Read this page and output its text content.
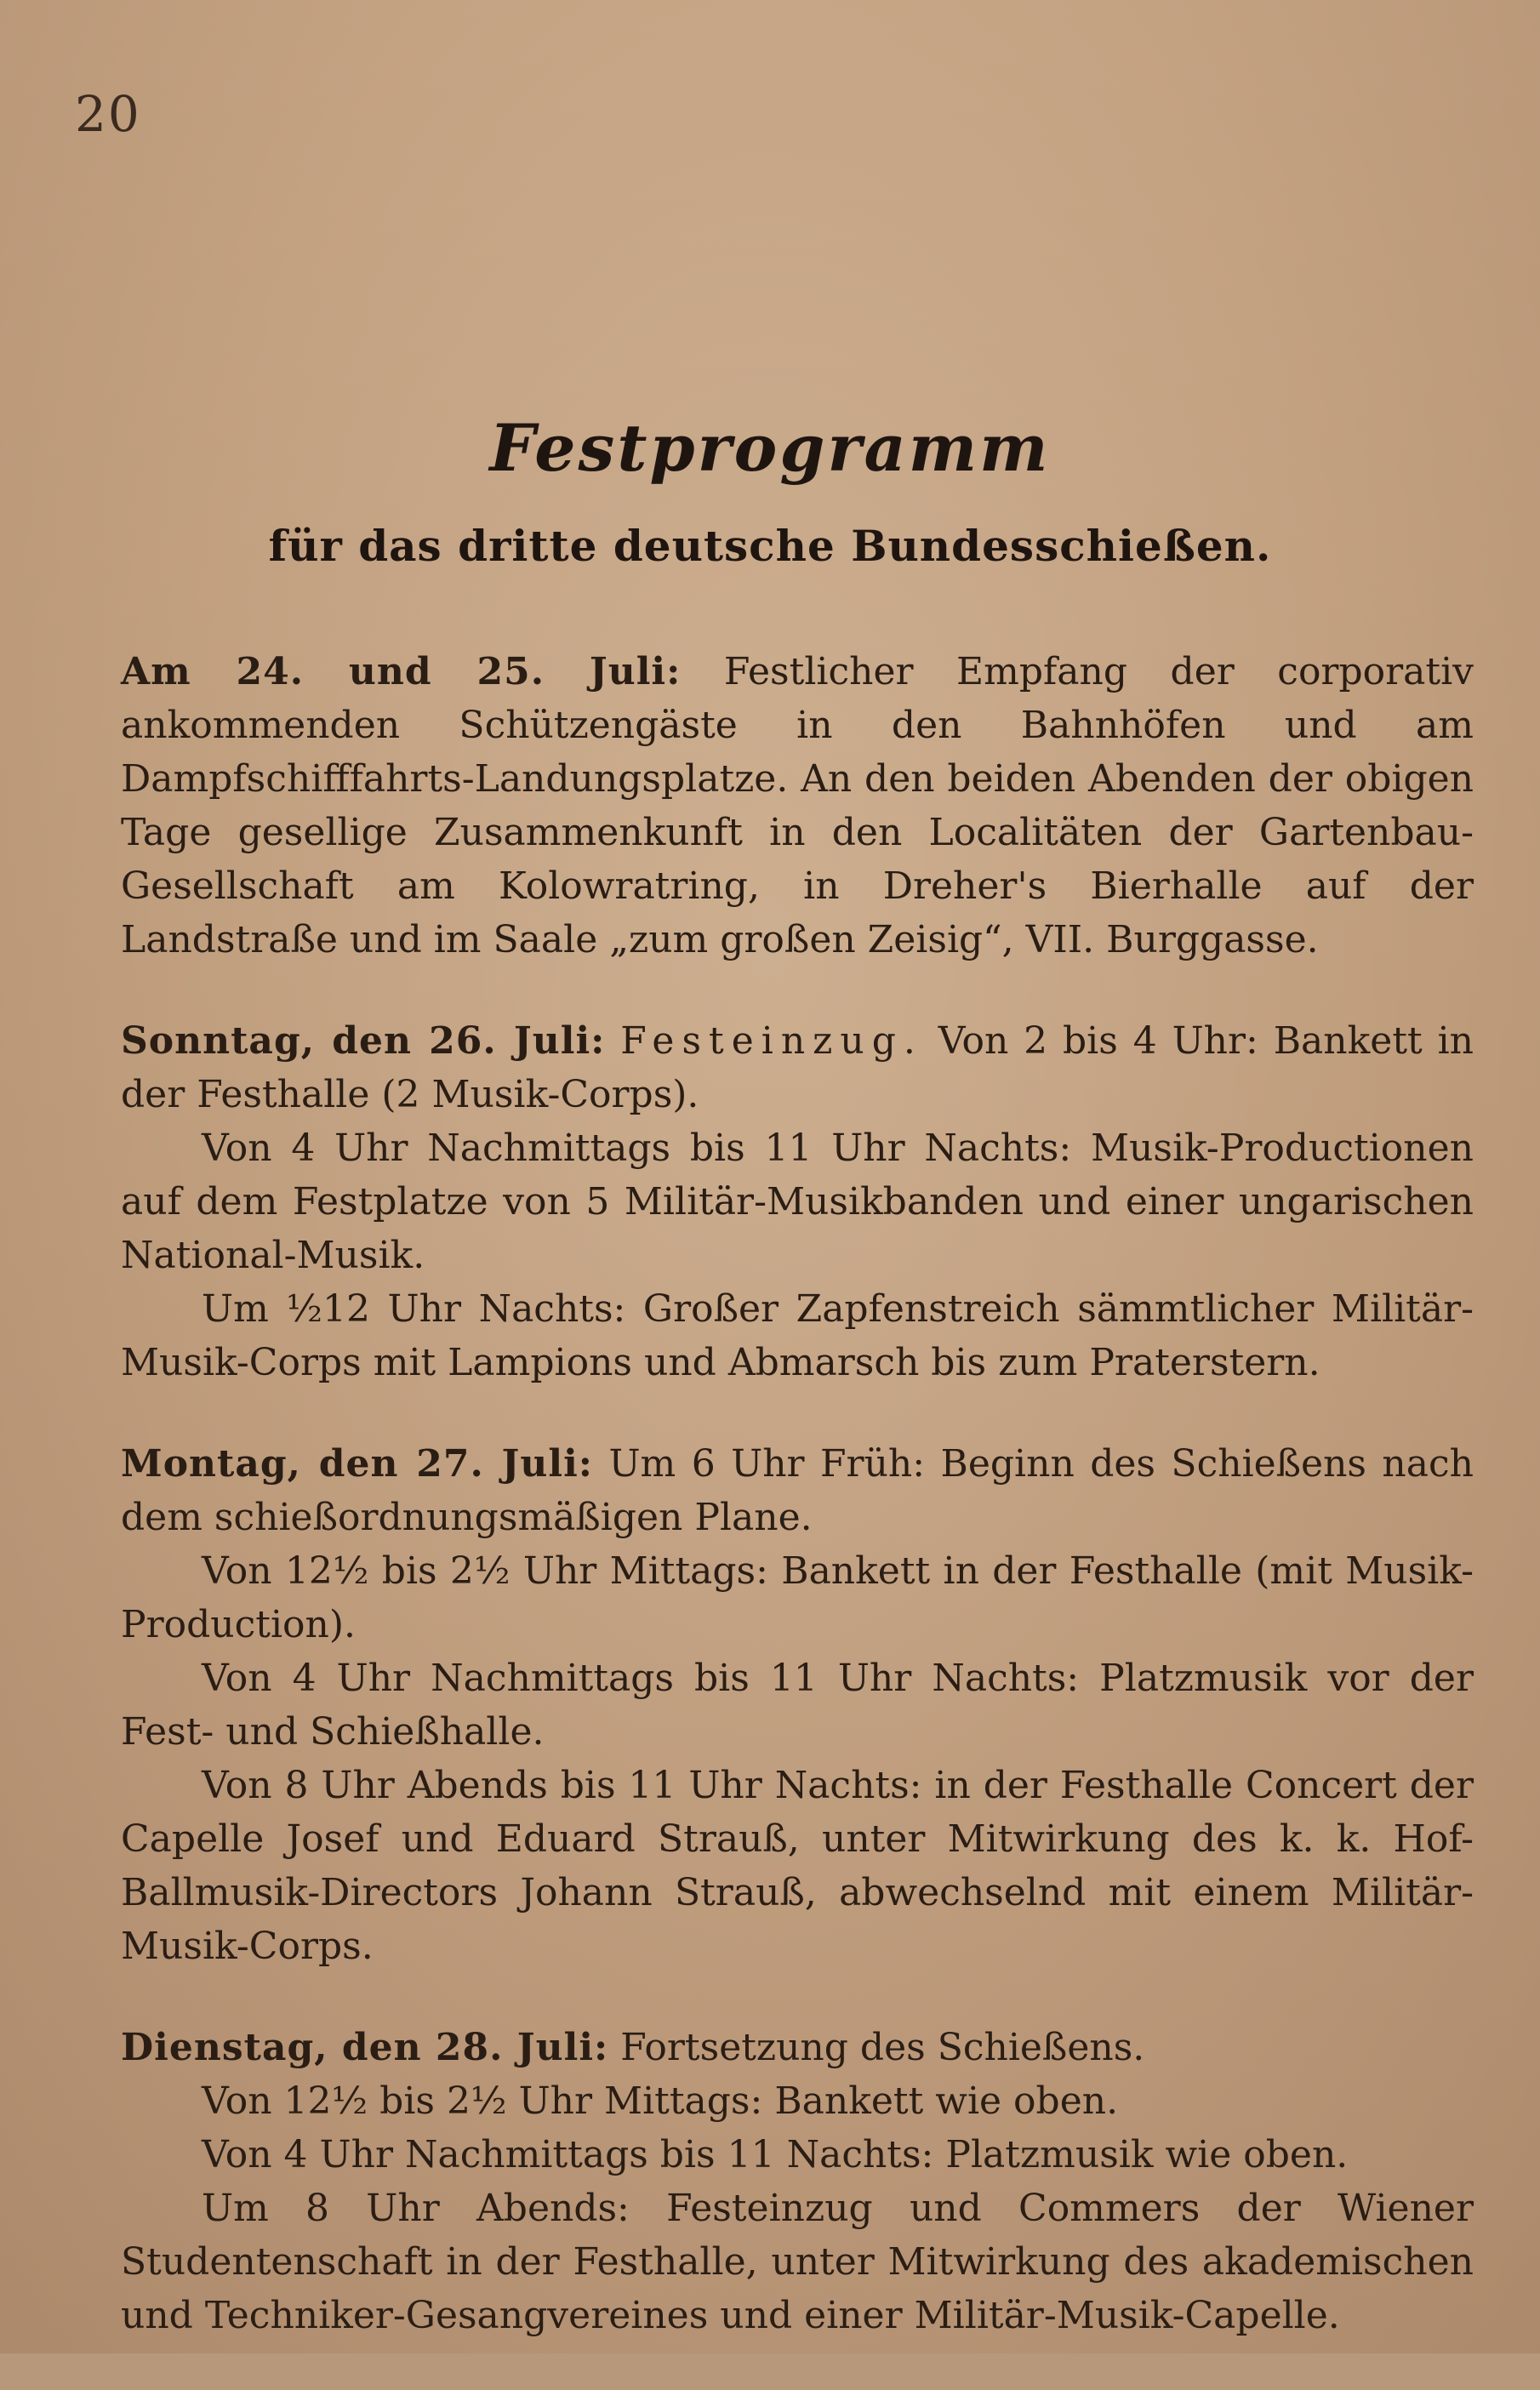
20
Festprogramm
für das dritte deutsche Bundesschießen.

Am 24. und 25. Juli: Festlicher Empfang der corporativ ankommenden Schützengäste in den Bahnhöfen und am Dampfschifffahrts-Landungsplatze. An den beiden Abenden der obigen Tage gesellige Zusammenkunft in den Localitäten der Gartenbau-Gesellschaft am Kolowratring, in Dreher's Bierhalle auf der Landstraße und im Saale „zum großen Zeisig“, VII. Burggasse.

Sonntag, den 26. Juli: Festeinzug. Von 2 bis 4 Uhr: Bankett in der Festhalle (2 Musik-Corps).

Von 4 Uhr Nachmittags bis 11 Uhr Nachts: Musik-Productionen auf dem Festplatze von 5 Militär-Musikbanden und einer ungarischen National-Musik.

Um ½12 Uhr Nachts: Großer Zapfenstreich sämmtlicher Militär-Musik-Corps mit Lampions und Abmarsch bis zum Praterstern.

Montag, den 27. Juli: Um 6 Uhr Früh: Beginn des Schießens nach dem schießordnungsmäßigen Plane.

Von 12½ bis 2½ Uhr Mittags: Bankett in der Festhalle (mit Musik-Production).

Von 4 Uhr Nachmittags bis 11 Uhr Nachts: Platzmusik vor der Fest- und Schießhalle.

Von 8 Uhr Abends bis 11 Uhr Nachts: in der Festhalle Concert der Capelle Josef und Eduard Strauß, unter Mitwirkung des k. k. Hof-Ballmusik-Directors Johann Strauß, abwechselnd mit einem Militär-Musik-Corps.

Dienstag, den 28. Juli: Fortsetzung des Schießens.

Von 12½ bis 2½ Uhr Mittags: Bankett wie oben.

Von 4 Uhr Nachmittags bis 11 Nachts: Platzmusik wie oben.

Um 8 Uhr Abends: Festeinzug und Commers der Wiener Studentenschaft in der Festhalle, unter Mitwirkung des akademischen und Techniker-Gesangvereines und einer Militär-Musik-Capelle.
